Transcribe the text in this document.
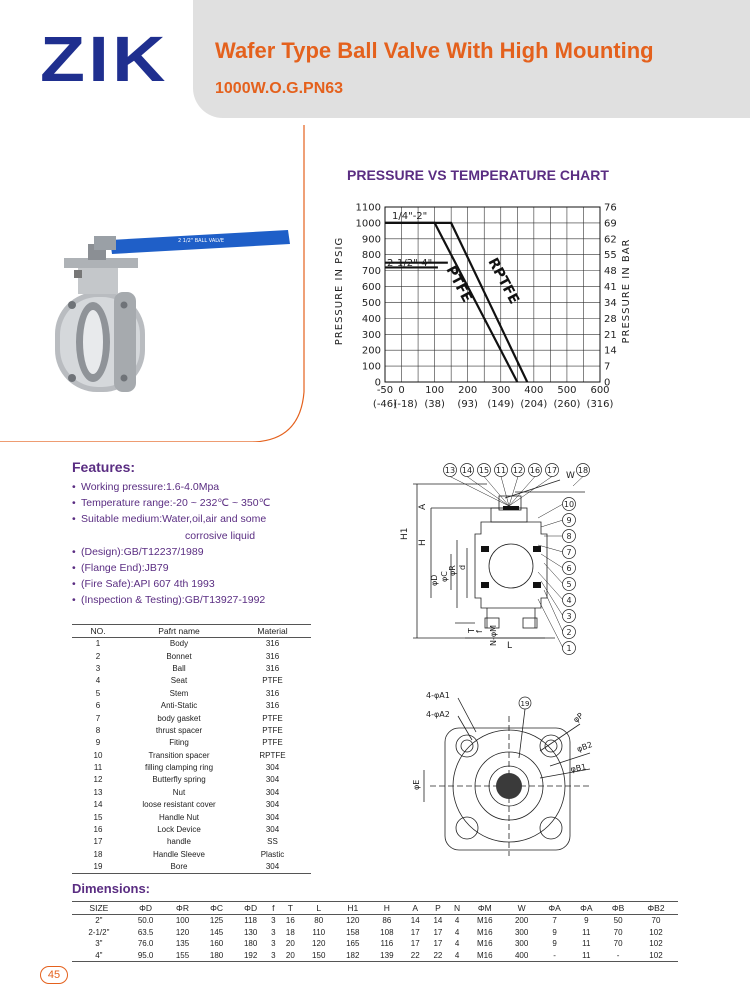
ZIK Wafer Type Ball Valve With High Mounting
1000W.O.G.PN63
2 1/2" BALL VALVE
PRESSURE VS TEMPERATURE CHART
0
100
200
300
400
500
600
700
800
900
1000
1100
0
7
14
21
28
34
41
48
55
62
69
76
-50 0 100 200 300 400 500 600
(-46)
(-18) (38) (93) (149) (204) (260) (316)
PRESSURE IN PSIG	PRESSURE IN BAR
1/4"-2"
2-1/2"-4"	RPTFE
PTFE
Features:
• Working pressure:1.6-4.0Mpa
• Temperature range:-20 ~ 232℃ ~ 350℃
• Suitable medium:Water,oil,air and some
corrosive liquid
• (Design):GB/T12237/1989
• (Flange End):JB79
• (Fire Safe):API 607 4th 1993
• (Inspection & Testing):GB/T13927-1992
NO.	Pafrt name	Material
1	Body	316
2	Bonnet	316
3	Ball	316
4	Seat	PTFE
5	Stem	316
6	Anti-Static	316
7	body gasket	PTFE
8	thrust spacer	PTFE
9	Fiting	PTFE
10	Transition spacer	RPTFE
11	filling clamping ring	304
12	Butterfly spring	304
13	Nut	304
14	loose resistant cover	304
15	Handle Nut	304
16	Lock Device	304
17	handle	SS
18	Handle Sleeve	Plastic
19	Bore	304
13 14 15 11 12 16 17	18
10
9
8
7
6
5
4
3
2
1
W
H1
A
H
φD φC
φR d
T f N-φM L
4-φA1
4-φA2
19
φP
φB2
φB1
φE
Dimensions:
SIZE	ΦD	ΦR	ΦC	ΦD	f	T	L	H1	H	A	P	N	ΦM	W	ΦA	ΦA	ΦB	ΦB2
2"	50.0	100	125	118	3	16	80	120	86	14	14	4	M16	200	7	9	50	70
2-1/2"	63.5	120	145	130	3	18	110	158	108	17	17	4	M16	300	9	11	70	102
3"	76.0	135	160	180	3	20	120	165	116	17	17	4	M16	300	9	11	70	102
4"	95.0	155	180	192	3	20	150	182	139	22	22	4	M16	400	-	11	-	102
45
